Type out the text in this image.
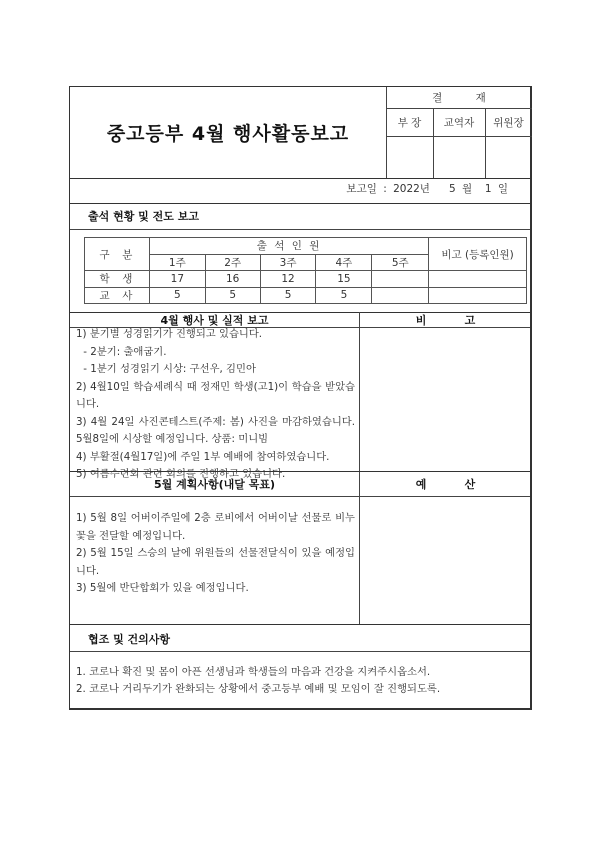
중고등부 4월 행사활동보고
결          재
부 장	교역자	위원장
보고일 : 2022년 5 월 1 일
출석 현황 및 전도 보고
구  분	출 석 인 원					비고 (등록인원)
	1주	2주	3주	4주	5주	
학  생	17	16	12	15		
교  사	5	5	5	5		
4월 행사 및 실적 보고	비          고

1) 분기별 성경읽기가 진행되고 있습니다.

- 2분기: 출애굽기.

- 1분기 성경읽기 시상: 구선우, 김민아

2) 4월10일 학습세례식 때 정재민 학생(고1)이 학습을 받았습니다.

3) 4월 24일 사진콘테스트(주제: 봄) 사진을 마감하였습니다. 5월8일에 시상할 예정입니다. 상품: 미니빔

4) 부활절(4월17일)에 주일 1부 예배에 참여하였습니다.

5) 여름수련회 관련 회의를 진행하고 있습니다.

5월 계획사항(내달 목표)	예          산

1) 5월 8일 어버이주일에 2층 로비에서 어버이날 선물로 비누꽃을 전달할 예정입니다.

2) 5월 15일 스승의 날에 위원들의 선물전달식이 있을 예정입니다.

3) 5월에 반단합회가 있을 예정입니다.

협조 및 건의사항

1. 코로나 확진 및 몸이 아픈 선생님과 학생들의 마음과 건강을 지켜주시옵소서.

2. 코로나 거리두기가 완화되는 상황에서 중고등부 예배 및 모임이 잘 진행되도록.
